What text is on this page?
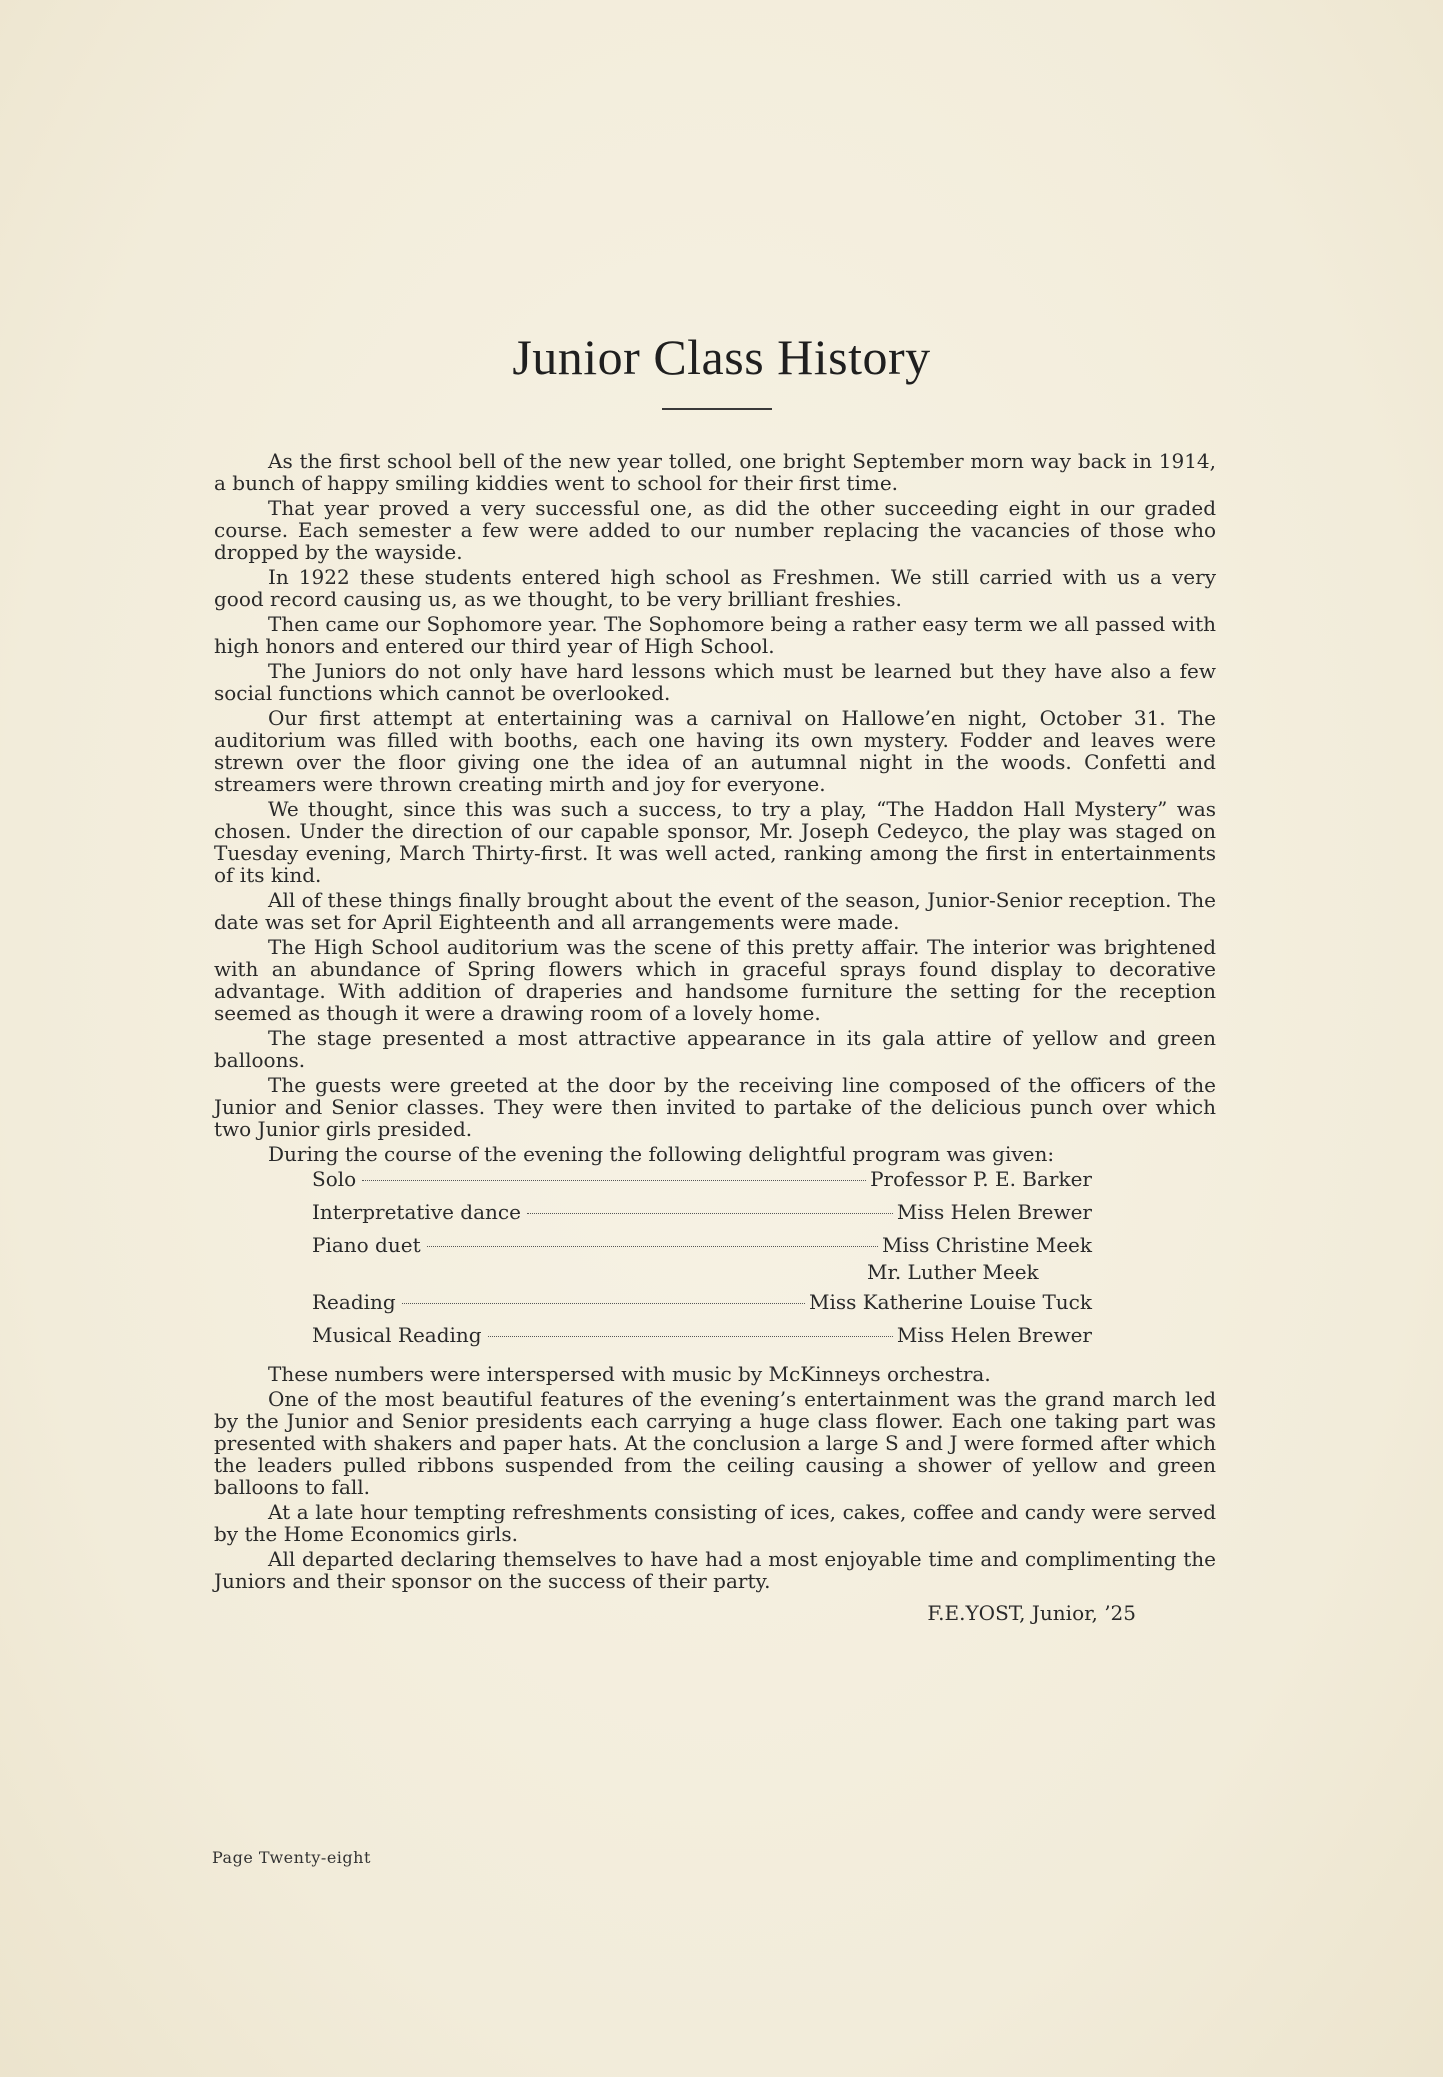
Junior Class History

As the first school bell of the new year tolled, one bright September morn way back in 1914, a bunch of happy smiling kiddies went to school for their first time.

That year proved a very successful one, as did the other succeeding eight in our graded course. Each semester a few were added to our number replacing the vacancies of those who dropped by the wayside.

In 1922 these students entered high school as Freshmen. We still carried with us a very good record causing us, as we thought, to be very brilliant freshies.

Then came our Sophomore year. The Sophomore being a rather easy term we all passed with high honors and entered our third year of High School.

The Juniors do not only have hard lessons which must be learned but they have also a few social functions which cannot be overlooked.

Our first attempt at entertaining was a carnival on Hallowe’en night, October 31. The auditorium was filled with booths, each one having its own mystery. Fodder and leaves were strewn over the floor giving one the idea of an autumnal night in the woods. Confetti and streamers were thrown creating mirth and joy for everyone.

We thought, since this was such a success, to try a play, “The Haddon Hall Mystery” was chosen. Under the direction of our capable sponsor, Mr. Joseph Cedeyco, the play was staged on Tuesday evening, March Thirty-first. It was well acted, ranking among the first in entertainments of its kind.

All of these things finally brought about the event of the season, Junior-Senior reception. The date was set for April Eighteenth and all arrangements were made.

The High School auditorium was the scene of this pretty affair. The interior was brightened with an abundance of Spring flowers which in graceful sprays found display to decorative advantage. With addition of draperies and handsome furniture the setting for the reception seemed as though it were a drawing room of a lovely home.

The stage presented a most attractive appearance in its gala attire of yellow and green balloons.

The guests were greeted at the door by the receiving line composed of the officers of the Junior and Senior classes. They were then invited to partake of the delicious punch over which two Junior girls presided.

During the course of the evening the following delightful program was given:

Solo	Professor P. E. Barker
Interpretative dance	Miss Helen Brewer
Piano duet	Miss Christine Meek
Mr. Luther Meek
Reading	Miss Katherine Louise Tuck
Musical Reading	Miss Helen Brewer

These numbers were interspersed with music by McKinneys orchestra.

One of the most beautiful features of the evening’s entertainment was the grand march led by the Junior and Senior presidents each carrying a huge class flower. Each one taking part was presented with shakers and paper hats. At the conclusion a large S and J were formed after which the leaders pulled ribbons suspended from the ceiling causing a shower of yellow and green balloons to fall.

At a late hour tempting refreshments consisting of ices, cakes, coffee and candy were served by the Home Economics girls.

All departed declaring themselves to have had a most enjoyable time and complimenting the Juniors and their sponsor on the success of their party.

F.E.YOST, Junior, ’25
Page Twenty-eight
